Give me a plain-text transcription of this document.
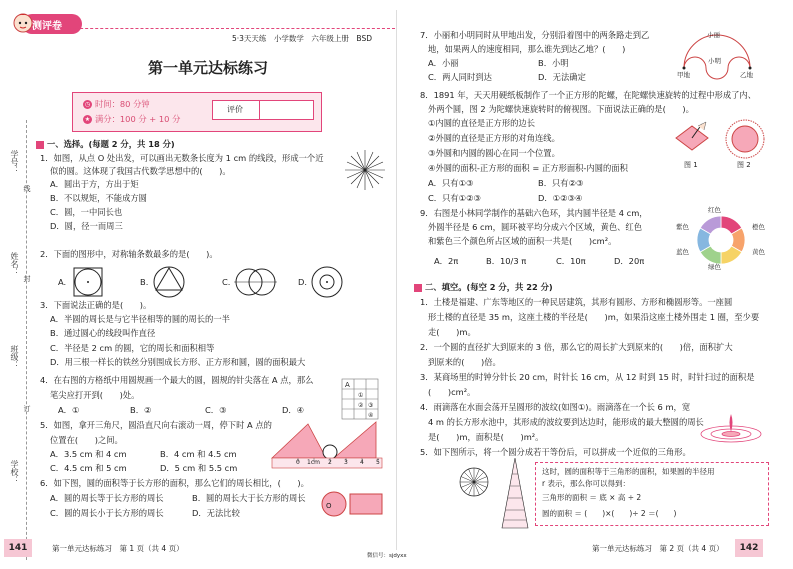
学号：
姓名：
班级：
学校：
线
封
订
测评卷
5·3天天练　小学数学　六年级上册　BSD
第一单元达标练习
◷ 时间：80 分钟
★ 满分：100 分 + 10 分
评价
一、选择。(每题 2 分，共 18 分)
1．如图，从点 O 处出发，可以画出无数条长度为 1 cm 的线段，形成一个近
似的圆。这体现了我国古代数学思想中的(　　)。
A．圆出于方，方出于矩
B．不以规矩，不能成方圆
C．圆，一中同长也
D．圆，径一而周三
2．下面的图形中，对称轴条数最多的是(　　)。
A.	B.	C.	D.
3．下面说法正确的是(　　)。
A．半圆的周长是与它半径相等的圆的周长的一半
B．通过圆心的线段叫作直径
C．半径是 2 cm 的圆，它的周长和面积相等
D．用三根一样长的铁丝分别围成长方形、正方形和圆，圆的面积最大
4．在右图的方格纸中用圆规画一个最大的圆，圆规的针尖落在 A 点，那么
笔尖应打开到(　　)处。
A．①	B．②	C．③	D．④
A
①
② ③
④
5．如图，拿开三角尺，圆沿直尺向右滚动一周，停下时 A 点的
位置在(　　)之间。
A．3.5 cm 和 4 cm	B．4 cm 和 4.5 cm
C．4.5 cm 和 5 cm	D．5 cm 和 5.5 cm
0 1cm 2 3 4 5
6．如下图，圆的面积等于长方形的面积，那么它们的周长相比，(　　)。
A．圆的周长等于长方形的周长	B．圆的周长大于长方形的周长
C．圆的周长小于长方形的周长	D．无法比较
O
141	第一单元达标练习　第 1 页（共 4 页）
微信号：sjdyxx
7．小丽和小明同时从甲地出发，分别沿着图中的两条路走到乙
地，如果两人的速度相同，那么谁先到达乙地？(　　)
A．小丽	B．小明
C．两人同时到达	D．无法确定
小丽
小明
甲地	乙地
8．1891 年，天天用硬纸板制作了一个正方形的陀螺，在陀螺快速旋转的过程中形成了内、
外两个圆，图 2 为陀螺快速旋转时的俯视图。下面说法正确的是(　　)。
①内圆的直径是正方形的边长
②外圆的直径是正方形的对角连线。
③外圆和内圆的圆心在同一个位置。
④外圆的面积-正方形的面积 = 正方形面积-内圆的面积
A．只有①③	B．只有②③
C．只有①②③	D．①②③④
图 1	图 2
9．右图是小林同学制作的基础六色环，其内圆半径是 4 cm，
外圆半径是 6 cm，圆环被平均分成六个区域，黄色、红色
和紫色三个颜色所占区域的面积一共是(　　)cm²。
A．2π	B．10/3 π	C．10π	D．20π
红色
橙色
黄色
绿色
蓝色
紫色
二、填空。(每空 2 分，共 22 分)
1．土楼是福建、广东等地区的一种民居建筑，其形有圆形、方形和椭圆形等。一座圆
形土楼的直径是 35 m，这座土楼的半径是(　　)m，如果沿这座土楼外围走 1 圈，至少要
走(　　)m。
2．一个圆的直径扩大到原来的 3 倍，那么它的周长扩大到原来的(　　)倍，面积扩大
到原来的(　　)倍。
3．某商场里的时钟分针长 20 cm，时针长 16 cm，从 12 时到 15 时，时针扫过的面积是
(　　)cm²。
4．雨滴落在水面会荡开呈圆形的波纹(如图①)。雨滴落在一个长 6 m，宽
4 m 的长方形水池中，其形成的波纹要到达边时，能形成的最大整圆的周长
是(　　)m，面积是(　　)m²。
5．如下图所示，将一个圆分成若干等份后，可以拼成一个近似的三角形。
这时，圆的面积等于三角形的面积，如果圆的半径用
r 表示，那么你可以得到：
三角形的面积 ＝ 底 × 高 ÷ 2
圆的面积 ＝ (　　)×(　　)÷ 2 ＝(　　)
第一单元达标练习　第 2 页（共 4 页）	142
